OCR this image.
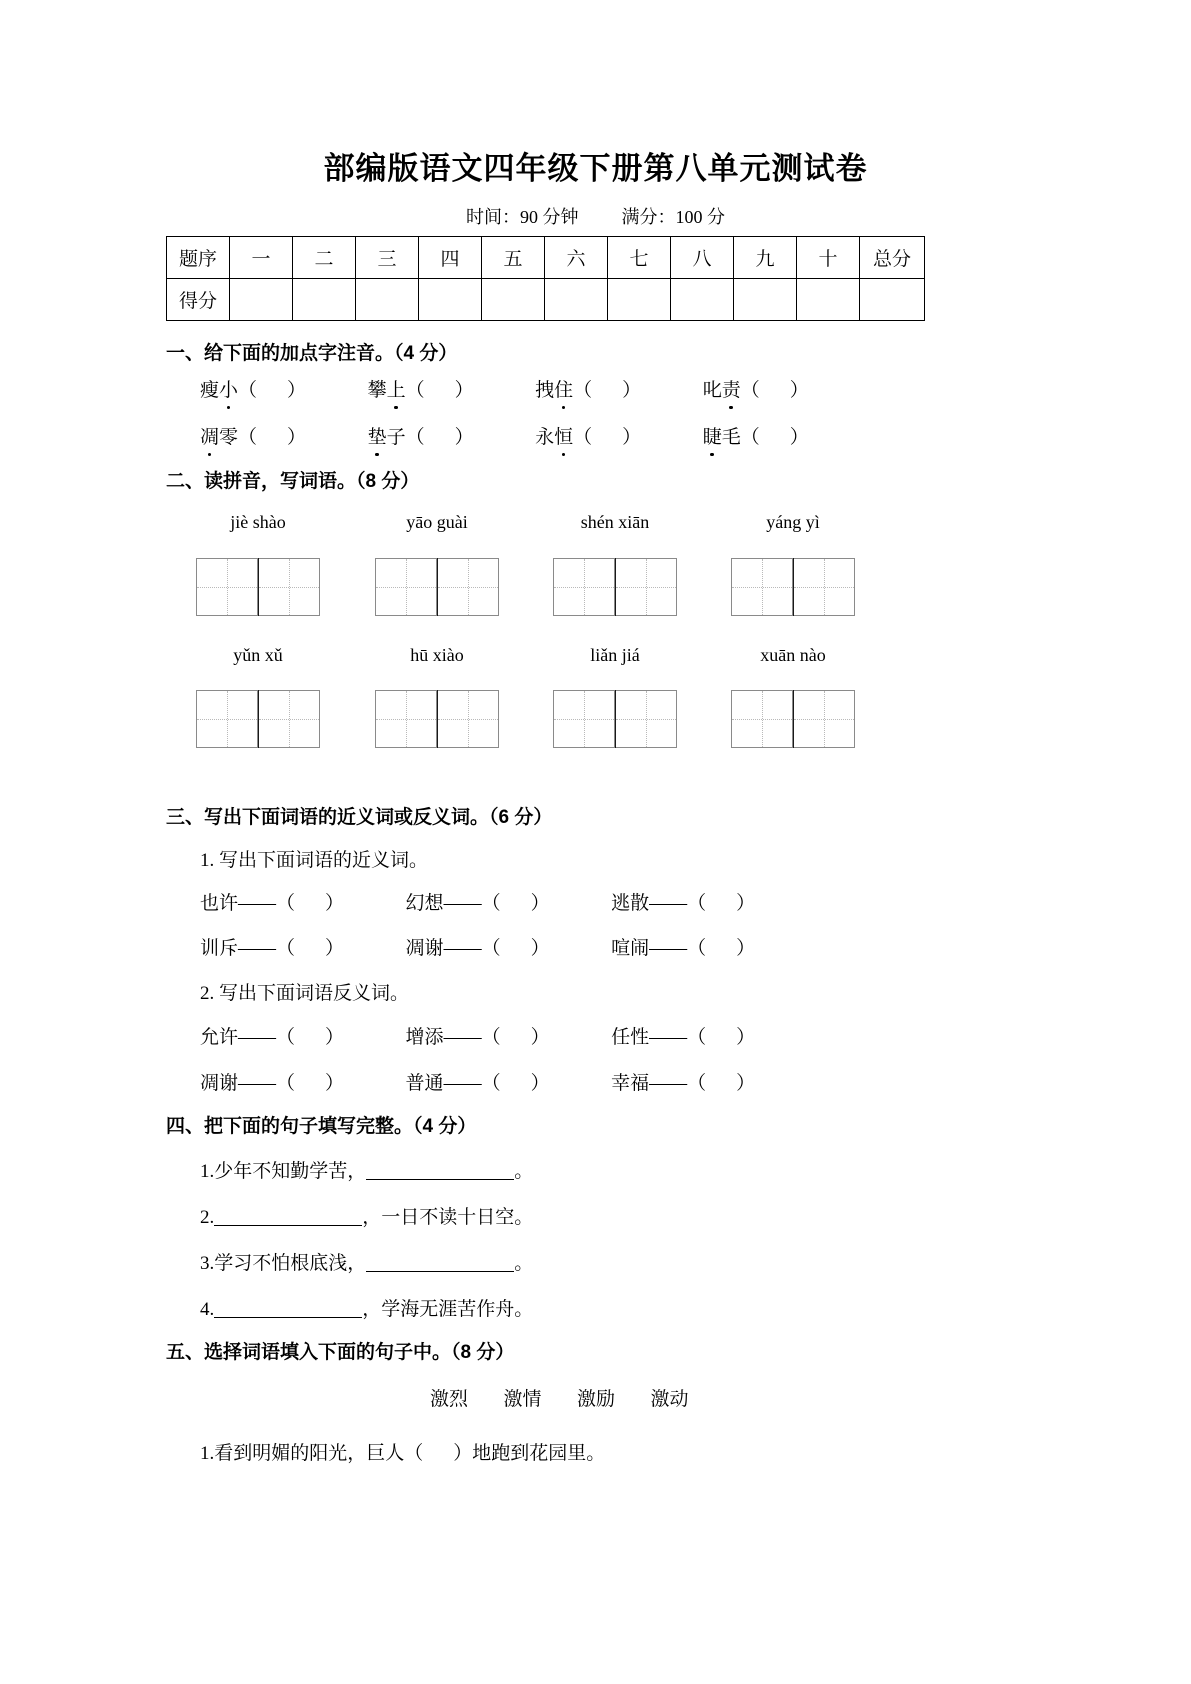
部编版语文四年级下册第八单元测试卷
时间：90 分钟 满分：100 分
题序	一	二	三	四	五	六	七	八	九	十	总分
得分											
一、给下面的加点字注音。（4 分）
瘦小（ ）	攀上（ ）	拽住（ ）	叱责（ ）
凋零（ ）	垫子（ ）	永恒（ ）	睫毛（ ）
二、读拼音，写词语。（8 分）
jiè shào	yāo guài	shén xiān	yáng yì
yǔn xǔ	hū xiào	liǎn jiá	xuān nào
三、写出下面词语的近义词或反义词。（6 分）
1. 写出下面词语的近义词。
也许——（ ）	幻想——（ ）	逃散——（ ）
训斥——（ ）	凋谢——（ ）	喧闹——（ ）
2. 写出下面词语反义词。
允许——（ ）	增添——（ ）	任性——（ ）
凋谢——（ ）	普通——（ ）	幸福——（ ）
四、把下面的句子填写完整。（4 分）
1.少年不知勤学苦，	。
2.	，一日不读十日空。
3.学习不怕根底浅，	。
4.	，学海无涯苦作舟。
五、选择词语填入下面的句子中。（8 分）
激烈 激情 激励 激动
1.看到明媚的阳光，巨人（ ）地跑到花园里。
